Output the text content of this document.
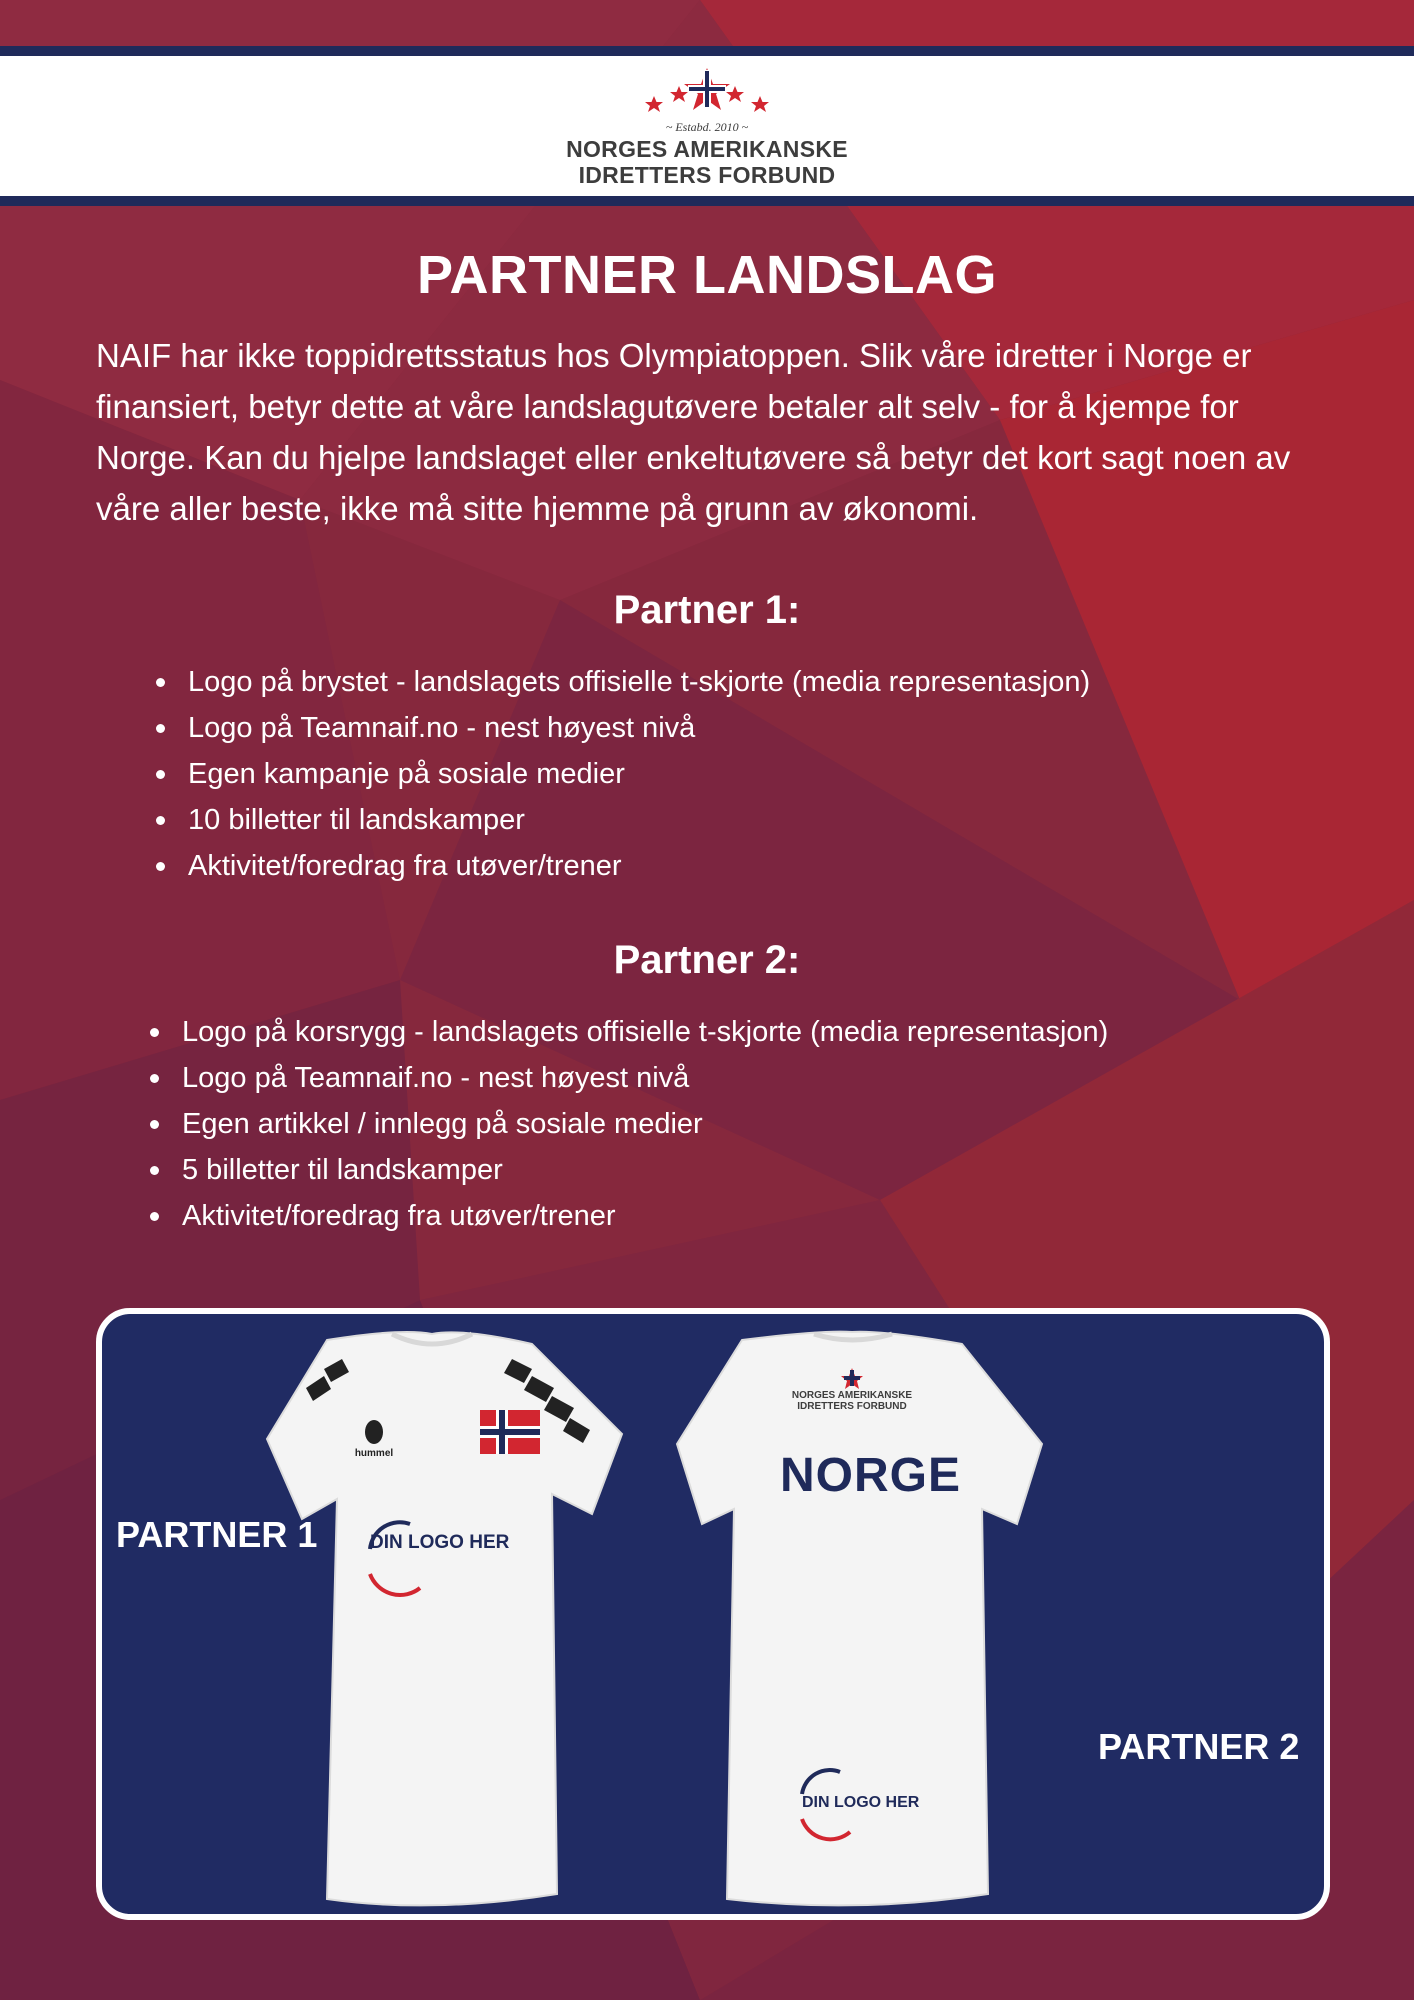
~ Estabd. 2010 ~
NORGES AMERIKANSKE
IDRETTERS FORBUND
PARTNER LANDSLAG
NAIF har ikke toppidrettsstatus hos Olympiatoppen. Slik våre idretter i Norge er finansiert, betyr dette at våre landslagutøvere betaler alt selv - for å kjempe for Norge. Kan du hjelpe landslaget eller enkeltutøvere så betyr det kort sagt noen av våre aller beste, ikke må sitte hjemme på grunn av økonomi.
Partner 1:
Logo på brystet - landslagets offisielle t-skjorte (media representasjon)
Logo på Teamnaif.no - nest høyest nivå
Egen kampanje på sosiale medier
10 billetter til landskamper
Aktivitet/foredrag fra utøver/trener
Partner 2:
Logo på korsrygg - landslagets offisielle t-skjorte (media representasjon)
Logo på Teamnaif.no - nest høyest nivå
Egen artikkel / innlegg på sosiale medier
5 billetter til landskamper
Aktivitet/foredrag fra utøver/trener
hummel
PARTNER 1
PARTNER 2
DIN LOGO HER
DIN LOGO HER
NORGES AMERIKANSKE
IDRETTERS FORBUND
NORGE
